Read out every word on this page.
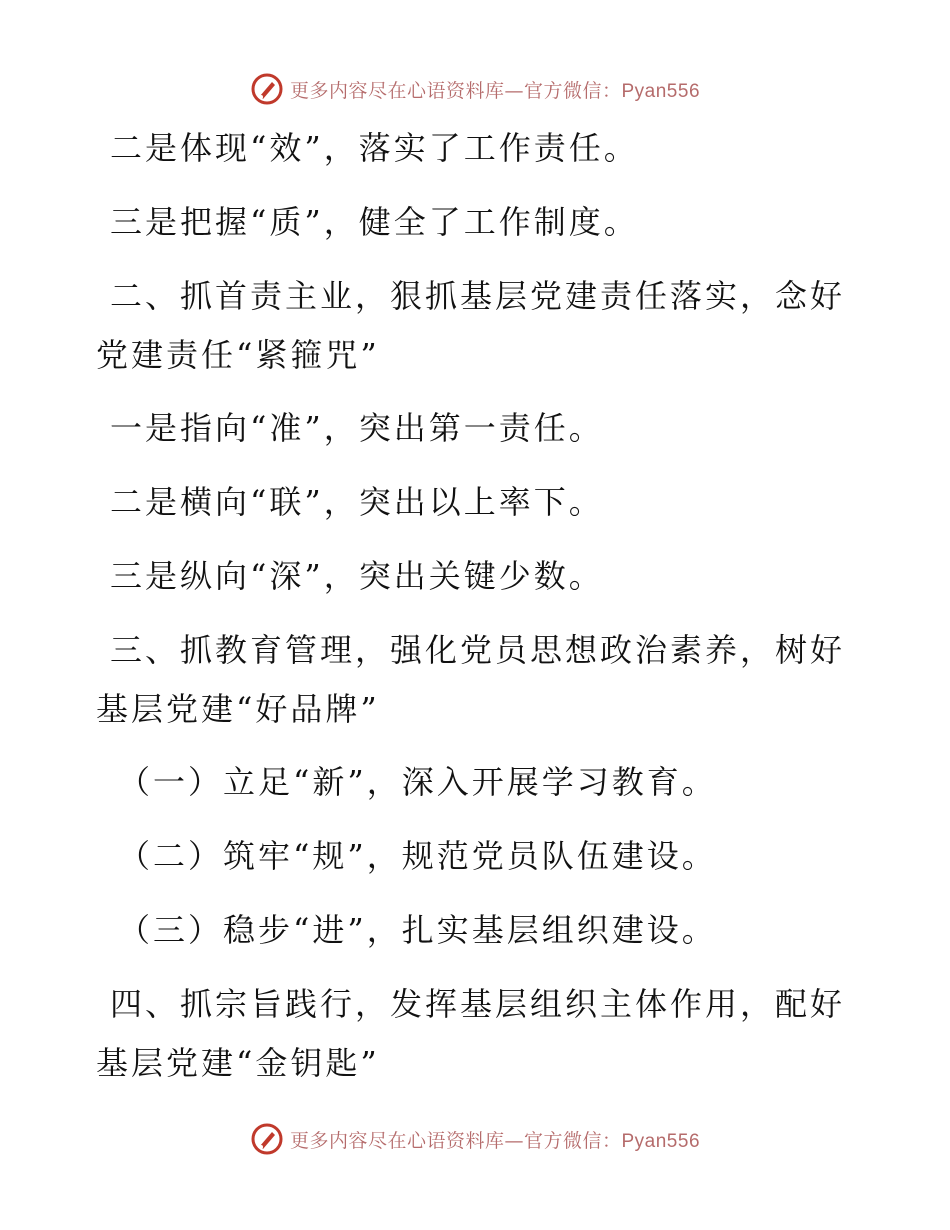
更多内容尽在心语资料库—官方微信：Pyan556
二是体现“效”，落实了工作责任。
三是把握“质”，健全了工作制度。
二、抓首责主业，狠抓基层党建责任落实，念好
党建责任“紧箍咒”
一是指向“准”，突出第一责任。
二是横向“联”，突出以上率下。
三是纵向“深”，突出关键少数。
三、抓教育管理，强化党员思想政治素养，树好
基层党建“好品牌”
（一）立足“新”，深入开展学习教育。
（二）筑牢“规”，规范党员队伍建设。
（三）稳步“进”，扎实基层组织建设。
四、抓宗旨践行，发挥基层组织主体作用，配好
基层党建“金钥匙”
更多内容尽在心语资料库—官方微信：Pyan556
